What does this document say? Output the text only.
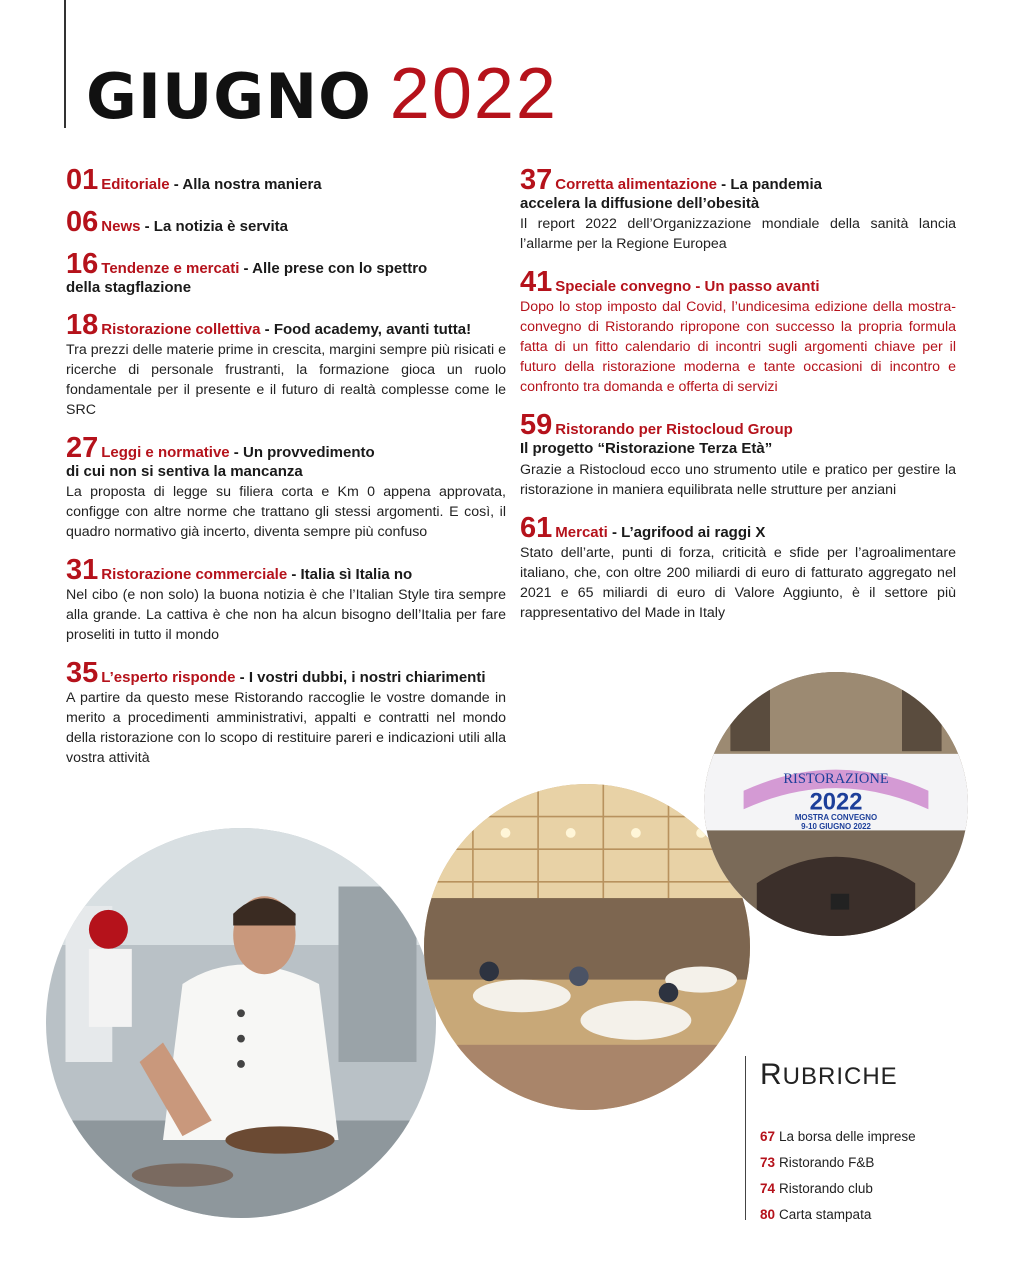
GIUGNO 2022
01 Editoriale - Alla nostra maniera
06 News - La notizia è servita
16 Tendenze e mercati - Alle prese con lo spettro della stagflazione
18 Ristorazione collettiva - Food academy, avanti tutta!
Tra prezzi delle materie prime in crescita, margini sempre più risicati e ricerche di personale frustranti, la formazione gioca un ruolo fondamentale per il presente e il futuro di realtà complesse come le SRC
27 Leggi e normative - Un provvedimento di cui non si sentiva la mancanza
La proposta di legge su filiera corta e Km 0 appena approvata, configge con altre norme che trattano gli stessi argomenti. E così, il quadro normativo già incerto, diventa sempre più confuso
31 Ristorazione commerciale - Italia sì Italia no
Nel cibo (e non solo) la buona notizia è che l’Italian Style tira sempre alla grande. La cattiva è che non ha alcun bisogno dell’Italia per fare proseliti in tutto il mondo
35 L’esperto risponde - I vostri dubbi, i nostri chiarimenti
A partire da questo mese Ristorando raccoglie le vostre domande in merito a procedimenti amministrativi, appalti e contratti nel mondo della ristorazione con lo scopo di restituire pareri e indicazioni utili alla vostra attività
37 Corretta alimentazione - La pandemia accelera la diffusione dell’obesità
Il report 2022 dell’Organizzazione mondiale della sanità lancia l’allarme per la Regione Europea
41 Speciale convegno - Un passo avanti
Dopo lo stop imposto dal Covid, l’undicesima edizione della mostra-convegno di Ristorando ripropone con successo la propria formula fatta di un fitto calendario di incontri sugli argomenti chiave per il futuro della ristorazione moderna e tante occasioni di incontro e confronto tra domanda e offerta di servizi
59 Ristorando per Ristocloud Group
Il progetto “Ristorazione Terza Età”
Grazie a Ristocloud ecco uno strumento utile e pratico per gestire la ristorazione in maniera equilibrata nelle strutture per anziani
61 Mercati - L’agrifood ai raggi X
Stato dell’arte, punti di forza, criticità e sfide per l’agroalimentare italiano, che, con oltre 200 miliardi di euro di fatturato aggregato nel 2021 e 65 miliardi di euro di Valore Aggiunto, è il settore più rappresentativo del Made in Italy
RISTORAZIONE
2022
MOSTRA CONVEGNO
9-10 GIUGNO 2022
RUBRICHE
67 La borsa delle imprese
73 Ristorando F&B
74 Ristorando club
80 Carta stampata
